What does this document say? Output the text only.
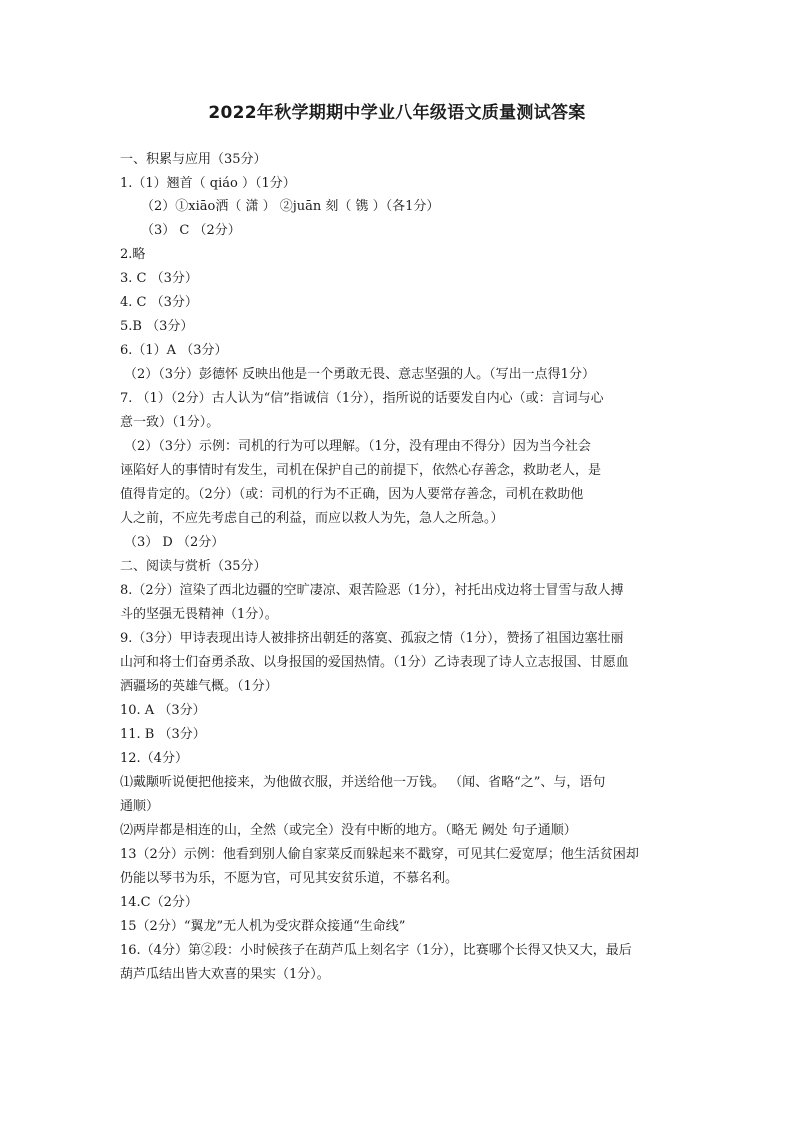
2022年秋学期期中学业八年级语文质量测试答案
一、积累与应用（35分）
1.（1）翘首（ qiáo ）（1分）
（2）①xiāo洒（ 潇 ） ②juān 刻（ 镌 ）（各1分）
（3） C （2分）
2.略
3. C （3分）
4. C （3分）
5.B （3分）
6.（1）A （3分）
（2）（3分）彭德怀 反映出他是一个勇敢无畏、意志坚强的人。（写出一点得1分）
7. （1）（2分）古人认为“信”指诚信（1分），指所说的话要发自内心（或：言词与心
意一致）（1分）。
（2）（3分）示例：司机的行为可以理解。（1分，没有理由不得分）因为当今社会
诬陷好人的事情时有发生，司机在保护自己的前提下，依然心存善念，救助老人，是
值得肯定的。（2分）（或：司机的行为不正确，因为人要常存善念，司机在救助他
人之前，不应先考虑自己的利益，而应以救人为先，急人之所急。）
（3） D （2分）
二、阅读与赏析（35分）
8.（2分）渲染了西北边疆的空旷凄凉、艰苦险恶（1分），衬托出戍边将士冒雪与敌人搏
斗的坚强无畏精神（1分）。
9.（3分）甲诗表现出诗人被排挤出朝廷的落寞、孤寂之情（1分），赞扬了祖国边塞壮丽
山河和将士们奋勇杀敌、以身报国的爱国热情。（1分）乙诗表现了诗人立志报国、甘愿血
洒疆场的英雄气概。（1分）
10. A （3分）
11. B （3分）
12.（4分）
⑴戴颙听说便把他接来，为他做衣服，并送给他一万钱。 （闻、省略“之”、与，语句
通顺）
⑵两岸都是相连的山，全然（或完全）没有中断的地方。（略无 阙处 句子通顺）
13（2分）示例：他看到别人偷自家菜反而躲起来不戳穿，可见其仁爱宽厚；他生活贫困却
仍能以琴书为乐，不愿为官，可见其安贫乐道，不慕名利。
14.C（2分）
15（2分）“翼龙”无人机为受灾群众接通“生命线”
16.（4分）第②段：小时候孩子在葫芦瓜上刻名字（1分），比赛哪个长得又快又大，最后
葫芦瓜结出皆大欢喜的果实（1分）。
